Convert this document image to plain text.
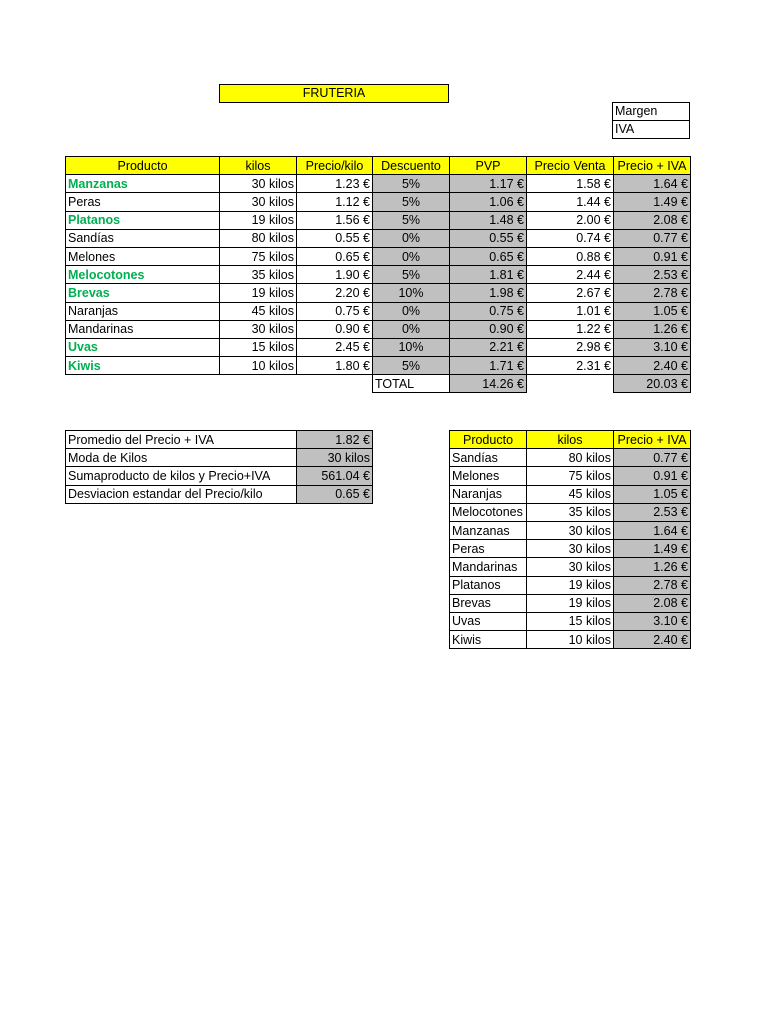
FRUTERIA
Margen
IVA
Producto	kilos	Precio/kilo	Descuento	PVP	Precio Venta	Precio + IVA
Manzanas	30 kilos	1.23 €	5%	1.17 €	1.58 €	1.64 €
Peras	30 kilos	1.12 €	5%	1.06 €	1.44 €	1.49 €
Platanos	19 kilos	1.56 €	5%	1.48 €	2.00 €	2.08 €
Sandías	80 kilos	0.55 €	0%	0.55 €	0.74 €	0.77 €
Melones	75 kilos	0.65 €	0%	0.65 €	0.88 €	0.91 €
Melocotones	35 kilos	1.90 €	5%	1.81 €	2.44 €	2.53 €
Brevas	19 kilos	2.20 €	10%	1.98 €	2.67 €	2.78 €
Naranjas	45 kilos	0.75 €	0%	0.75 €	1.01 €	1.05 €
Mandarinas	30 kilos	0.90 €	0%	0.90 €	1.22 €	1.26 €
Uvas	15 kilos	2.45 €	10%	2.21 €	2.98 €	3.10 €
Kiwis	10 kilos	1.80 €	5%	1.71 €	2.31 €	2.40 €
			TOTAL	14.26 €		20.03 €
Promedio del Precio + IVA	1.82 €
Moda de Kilos	30 kilos
Sumaproducto de kilos y Precio+IVA	561.04 €
Desviacion estandar del Precio/kilo	0.65 €
Producto	kilos	Precio + IVA
Sandías	80 kilos	0.77 €
Melones	75 kilos	0.91 €
Naranjas	45 kilos	1.05 €
Melocotones	35 kilos	2.53 €
Manzanas	30 kilos	1.64 €
Peras	30 kilos	1.49 €
Mandarinas	30 kilos	1.26 €
Platanos	19 kilos	2.78 €
Brevas	19 kilos	2.08 €
Uvas	15 kilos	3.10 €
Kiwis	10 kilos	2.40 €
